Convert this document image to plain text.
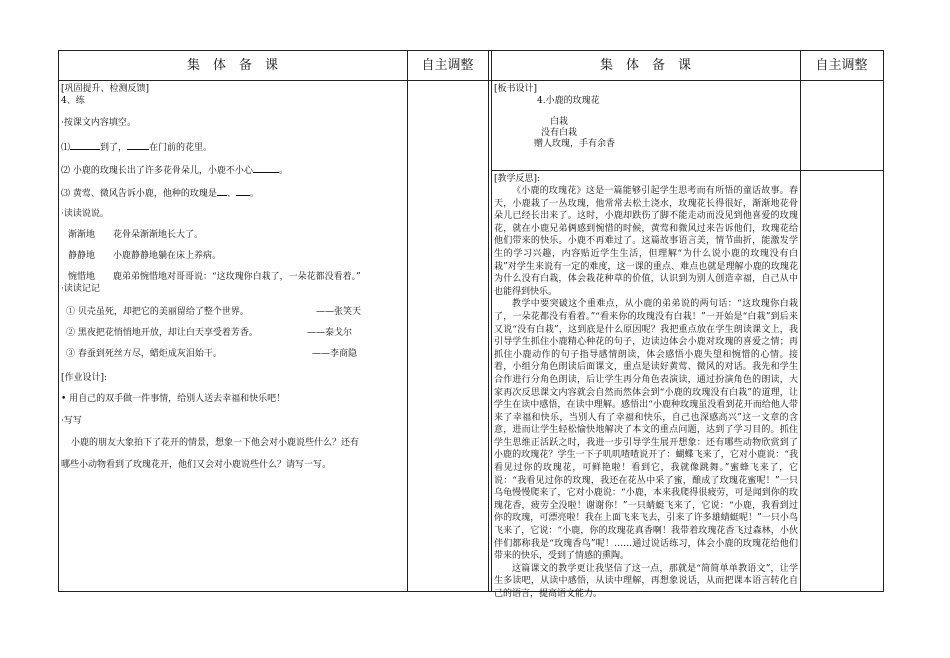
集　体　备　课	自主调整	集　体　备　课	自主调整
[巩固提升、检测反馈]
4、练
·按课文内容填空。
⑴	到了， 在门前的花里。
⑵ 小鹿的玫瑰长出了许多花骨朵儿，小鹿不小心	。
⑶ 黄莺、微风告诉小鹿，他种的玫瑰是 、 。
·读读说说。
渐渐地　　花骨朵渐渐地长大了。
静静地　　小鹿静静地躺在床上养病。
惋惜地　　鹿弟弟惋惜地对哥哥说：“这玫瑰你白栽了，一朵花都没看着。”
·读读记记
① 贝壳虽死，却把它的美丽留给了整个世界。	——张笑天
② 黑夜把花悄悄地开放，却让白天享受着芳香。	——泰戈尔
③ 春蚕到死丝方尽，蜡炬成灰泪始干。	——李商隐
[作业设计]:
• 用自己的双手做一件事情，给别人送去幸福和快乐吧！
·写写
小鹿的朋友大象拍下了花开的情景，想象一下他会对小鹿说些什么？还有
哪些小动物看到了玫瑰花开，他们又会对小鹿说些什么？请写一写。
[板书设计]
4.小鹿的玫瑰花
白栽
没有白栽
赠人玫瑰，手有余香
[教学反思]:

《小鹿的玫瑰花》这是一篇能够引起学生思考而有所悟的童话故事。春天，小鹿栽了一丛玫瑰，他常常去松土浇水，玫瑰花长得很好，渐渐地花骨朵儿已经长出来了。这时，小鹿却跌伤了脚不能走动而没见到他喜爱的玫瑰花，就在小鹿兄弟俩感到惋惜的时候，黄莺和微风过来告诉他们，玫瑰花给他们带来的快乐。小鹿不再难过了。这篇故事语言美，情节曲折，能激发学生的学习兴趣，内容贴近学生生活，但理解“为什么说小鹿的玫瑰没有白栽”对学生来说有一定的难度，这一课的重点、难点也就是理解小鹿的玫瑰花为什么没有白栽，体会栽花种草的价值，认识到为别人创造幸福，自己从中也能得到快乐。

教学中要突破这个重难点，从小鹿的弟弟说的两句话：“这玫瑰你白栽了，一朵花都没有看着。”“看来你的玫瑰没有白栽！”一开始是“白栽”到后来又说“没有白栽”，这到底是什么原因呢？我把重点放在学生朗读课文上，我引导学生抓住小鹿精心种花的句子，边读边体会小鹿对玫瑰的喜爱之情；再抓住小鹿动作的句子指导感情朗读，体会感悟小鹿失望和惋惜的心情。接着，小组分角色朗读后面课文，重点是读好黄莺、微风的对话。我先和学生合作进行分角色朗读，后让学生再分角色表演读，通过扮演角色的朗读，大家再次反思课文内容就会自然而然体会到“小鹿的玫瑰没有白栽”的道理，让学生在读中感悟，在读中理解。感悟出“小鹿种玫瑰虽没看到花开而给他人带来了幸福和快乐，当别人有了幸福和快乐，自己也深感高兴”这一文章的含意，进而让学生轻松愉快地解决了本文的重点问题，达到了学习目的。抓住学生思维正活跃之时，我进一步引导学生展开想象：还有哪些动物欣赏到了小鹿的玫瑰花？学生一下子叽叽喳喳说开了：蝴蝶飞来了，它对小鹿说：“我看见过你的玫瑰花，可鲜艳啦！看到它，我就像跳舞。”蜜蜂飞来了，它说：“我看见过你的玫瑰，我还在花丛中采了蜜，酿成了玫瑰花蜜呢！”一只乌龟慢慢爬来了，它对小鹿说：“小鹿，本来我爬得很疲劳，可是闻到你的玫瑰花香，疲劳全没啦！谢谢你！”一只蜻蜓飞来了，它说：“小鹿，我看到过你的玫瑰，可漂亮啦！我在上面飞来飞去，引来了许多雄蜻蜓呢！”一只小鸟飞来了，它说：“小鹿，你的玫瑰花真香啊！我带着玫瑰花香飞过森林，小伙伴们都称我是“玫瑰香鸟”呢！……通过说话练习，体会小鹿的玫瑰花给他们带来的快乐，受到了情感的熏陶。

这篇课文的教学更让我坚信了这一点，那就是“简简单单教语文”，让学生多读吧，从读中感悟，从读中理解，再想象说话，从而把课本语言转化自己的语言，提高语文能力。
